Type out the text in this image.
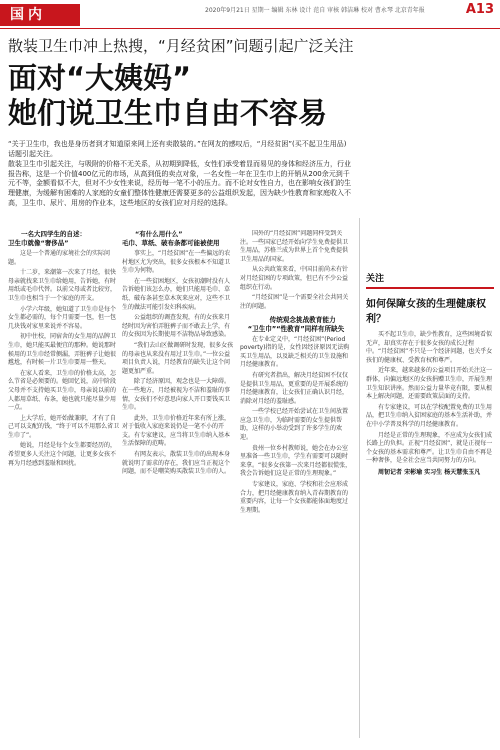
国内	2020年9月21日 星期一 编辑 东林 设计 范自 审核 韩洁琳 校对 曹永琴 北京青年报	A13
散装卫生巾冲上热搜，“月经贫困”问题引起广泛关注
面对“大姨妈”
她们说卫生巾自由不容易

“关于卫生巾，我也是身历者到才知道原来网上还有卖散装的。”在网友的感叹后，“月经贫困”(买不起卫生用品)话题引起关注。

散装卫生巾引起关注，与吸附的价格不无关系，从初期到降低，女性们承受着显而易见的身体和经济压力，行业报告称，这是一个价值400亿元的市场，从高到低的卖点对象，一名女性一年在卫生巾上的开销从200余元到千元不等，金额看似不大，但对不少女性来说，经历每一笔不小的压力。而不论对女性自力，也在影响女孩们的生理健康，为缓解有困难的人家庭的女童们整体性健康还需要更多的公益组织发起，因为缺少性教育和家庭收入不高，卫生巾、尿片、用房的作业本，这些地区的女孩们应对月经的选择。

一名大四学生的自述：
卫生巾就像“奢侈品”

这是一个普通的家境社会的实际问题。

十二岁，来潮第一次来了月经，很快母亲就找来卫生巾给她用，告诉她，有时用纸或毛巾代替。以前父母或者比较穷，卫生巾也相当于一个家庭的开支。

小学六年级，她知道了卫生巾是每个女生都必需的，每个月需要一包，但一包几块钱对家里来说并不容易。

初中住校，同宿舍的女生用的品牌卫生巾，她只能买最便宜的那种。她说那时候用的卫生巾经常侧漏，弄脏裤子让她很尴尬，有时候一片卫生巾要用一整天。

在家人看来，卫生巾的价格太高，怎么节省是必须要的。她回忆说，高中阶段父母并不支持她买卫生巾，母亲说以前的人都用草纸、布条，她也就只能尽量少用一点。

上大学后，她开始做兼职，才有了自己可以支配的钱，“终于可以不用那么省卫生巾了”。

她说，月经是每个女生都要经历的，希望更多人关注这个问题，让更多女孩不再为月经感到羞耻和困扰。

“有什么用什么”
毛巾、草纸、破布条都可能被使用

事实上，“月经贫困”在一些偏远的农村地区尤为突出，很多女孩根本不知道卫生巾为何物。

在一些贫困地区，女孩初潮时没有人告诉她们该怎么办，她们只能用毛巾、草纸、破布条甚至草木灰来应对，这些不卫生的做法可能引发妇科疾病。

公益组织的调查发现，有的女孩来月经时因为害怕弄脏裤子而不敢去上学，有的女孩因为长期使用不洁物品导致感染。

“我们去山区做调研时发现，很多女孩的母亲也从来没有用过卫生巾。”一位公益项目负责人说，月经教育的缺失让这个问题更加严重。

除了经济原因，观念也是一大障碍。在一些地方，月经被视为不洁和羞耻的事情，女孩们不好意思向家人开口要钱买卫生巾。

此外，卫生巾价格近年来有所上涨，对于低收入家庭来说仍是一笔不小的开支。有专家建议，应当将卫生巾纳入基本生活保障的范畴。

有网友表示，散装卫生巾的出现本身就说明了需求的存在，我们应当正视这个问题，而不是嘲笑购买散装卫生巾的人。

国外的“月经贫困”问题同样受到关注。一些国家已经开始向学生免费提供卫生用品，苏格兰成为世界上首个免费提供卫生用品的国家。

从公共政策来看，中国目前尚未有针对月经贫困的专项政策，但已有不少公益组织在行动。

“月经贫困”是一个需要全社会共同关注的问题。

传统观念挑战教育能力
“卫生巾”“性教育”同样有所缺失

在专业定义中，“月经贫困”(Period poverty)指的是，女性因经济原因无法购买卫生用品，以及缺乏相关的卫生设施和月经健康教育。

有研究者指出，解决月经贫困不仅仅是提供卫生用品，更重要的是开展系统的月经健康教育，让女孩们正确认识月经，消除对月经的羞耻感。

一些学校已经开始尝试在卫生间放置应急卫生巾，为临时需要的女生提供帮助，这样的小举动受到了许多学生的欢迎。

贵州一位乡村教师说，她会在办公室里准备一些卫生巾，学生有需要可以随时来拿。“很多女孩第一次来月经都很慌张，我会告诉她们这是正常的生理现象。”

专家建议，家庭、学校和社会应形成合力，把月经健康教育纳入青春期教育的重要内容，让每一个女孩都能体面地度过生理期。

关注
如何保障女孩的生理健康权利？

买不起卫生巾，缺少性教育，这些困境看似无声，却真实存在于很多女孩的成长过程中。“月经贫困”不只是一个经济问题，也关乎女孩们的健康权、受教育权和尊严。

近年来，越来越多的公益项目开始关注这一群体，向偏远地区的女孩捐赠卫生巾，开展生理卫生知识讲座。然而公益力量毕竟有限，要从根本上解决问题，还需要政策层面的支持。

有专家建议，可以在学校配置免费的卫生用品，把卫生巾纳入贫困家庭的基本生活补助，并在中小学普及科学的月经健康教育。

月经是正常的生理现象，不应成为女孩们成长路上的负担。正视“月经贫困”，就是正视每一个女孩的基本需求和尊严。让卫生巾自由不再是一种奢侈，是全社会应当共同努力的方向。

周韧记者 宋彬瑜 实习生 杨天慧张玉凡
